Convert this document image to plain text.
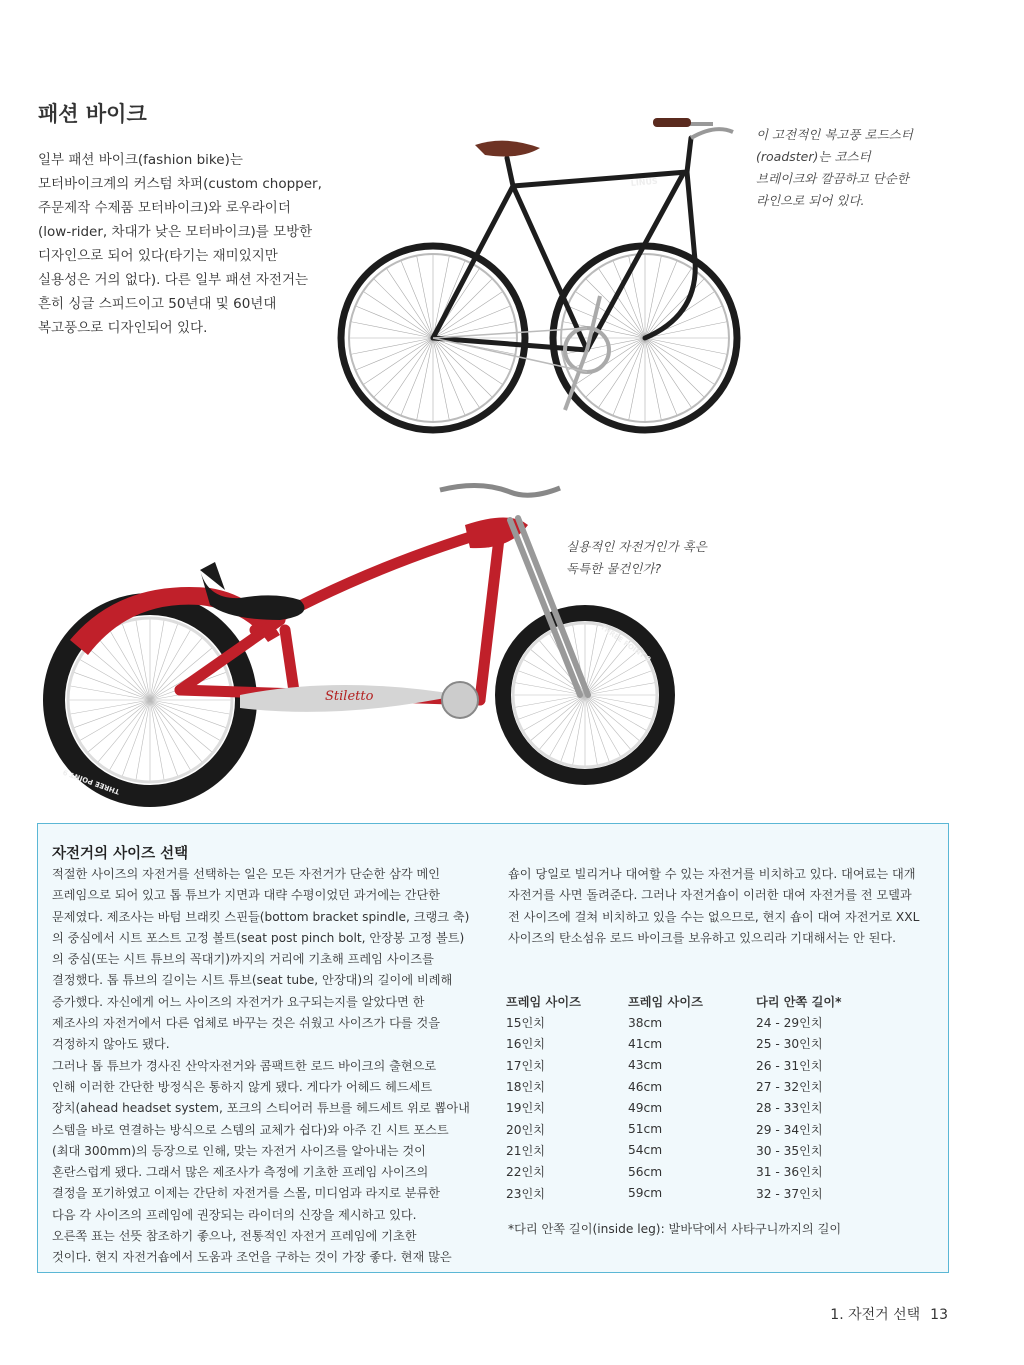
패션 바이크
일부 패션 바이크(fashion bike)는
모터바이크계의 커스텀 차퍼(custom chopper,
주문제작 수제품 모터바이크)와 로우라이더
(low-rider, 차대가 낮은 모터바이크)를 모방한
디자인으로 되어 있다(타기는 재미있지만
실용성은 거의 없다). 다른 일부 패션 자전거는
흔히 싱글 스피드이고 50년대 및 60년대
복고풍으로 디자인되어 있다.
LINUS
이 고전적인 복고풍 로드스터
(roadster)는 코스터
브레이크와 깔끔하고 단순한
라인으로 되어 있다.
Stiletto
THREE POINT 9
THREE POINT 9
실용적인 자전거인가 혹은
독특한 물건인가?
자전거의 사이즈 선택
적절한 사이즈의 자전거를 선택하는 일은 모든 자전거가 단순한 삼각 메인
프레임으로 되어 있고 톱 튜브가 지면과 대략 수평이었던 과거에는 간단한
문제였다. 제조사는 바텀 브래킷 스핀들(bottom bracket spindle, 크랭크 축)
의 중심에서 시트 포스트 고정 볼트(seat post pinch bolt, 안장봉 고정 볼트)
의 중심(또는 시트 튜브의 꼭대기)까지의 거리에 기초해 프레임 사이즈를
결정했다. 톱 튜브의 길이는 시트 튜브(seat tube, 안장대)의 길이에 비례해
증가했다. 자신에게 어느 사이즈의 자전거가 요구되는지를 알았다면 한
제조사의 자전거에서 다른 업체로 바꾸는 것은 쉬웠고 사이즈가 다를 것을
걱정하지 않아도 됐다.
그러나 톱 튜브가 경사진 산악자전거와 콤팩트한 로드 바이크의 출현으로
인해 이러한 간단한 방정식은 통하지 않게 됐다. 게다가 어헤드 헤드세트
장치(ahead headset system, 포크의 스티어러 튜브를 헤드세트 위로 뽑아내
스템을 바로 연결하는 방식으로 스템의 교체가 쉽다)와 아주 긴 시트 포스트
(최대 300mm)의 등장으로 인해, 맞는 자전거 사이즈를 알아내는 것이
혼란스럽게 됐다. 그래서 많은 제조사가 측정에 기초한 프레임 사이즈의
결정을 포기하였고 이제는 간단히 자전거를 스몰, 미디엄과 라지로 분류한
다음 각 사이즈의 프레임에 권장되는 라이더의 신장을 제시하고 있다.
오른쪽 표는 선뜻 참조하기 좋으나, 전통적인 자전거 프레임에 기초한
것이다. 현지 자전거숍에서 도움과 조언을 구하는 것이 가장 좋다. 현재 많은
숍이 당일로 빌리거나 대여할 수 있는 자전거를 비치하고 있다. 대여료는 대개
자전거를 사면 돌려준다. 그러나 자전거숍이 이러한 대여 자전거를 전 모델과
전 사이즈에 걸쳐 비치하고 있을 수는 없으므로, 현지 숍이 대여 자전거로 XXL
사이즈의 탄소섬유 로드 바이크를 보유하고 있으리라 기대해서는 안 된다.
프레임 사이즈	프레임 사이즈	다리 안쪽 길이*
15인치	38cm	24 - 29인치
16인치	41cm	25 - 30인치
17인치	43cm	26 - 31인치
18인치	46cm	27 - 32인치
19인치	49cm	28 - 33인치
20인치	51cm	29 - 34인치
21인치	54cm	30 - 35인치
22인치	56cm	31 - 36인치
23인치	59cm	32 - 37인치
*다리 안쪽 길이(inside leg): 발바닥에서 사타구니까지의 길이
1. 자전거 선택 13
